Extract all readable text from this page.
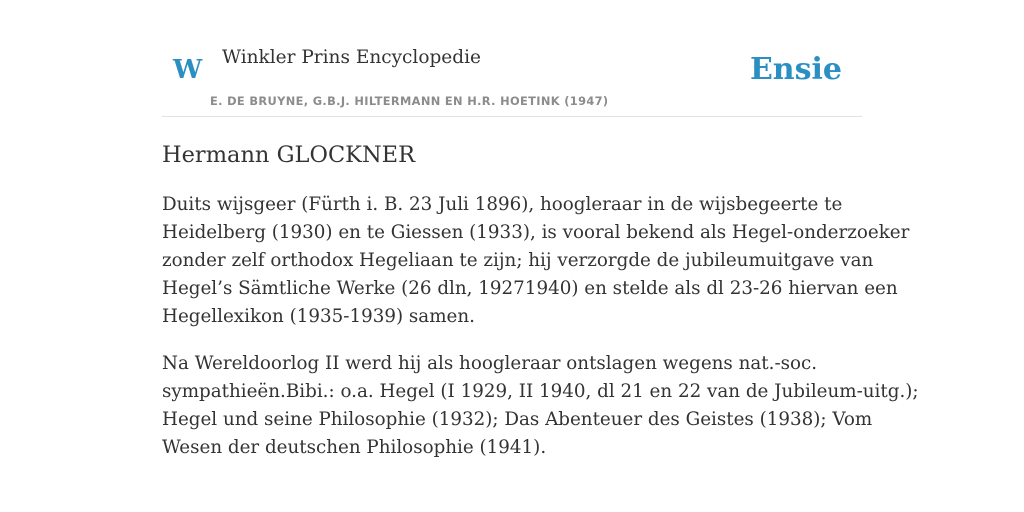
W Winkler Prins Encyclopedie
E. DE BRUYNE, G.B.J. HILTERMANN EN H.R. HOETINK (1947)
Ensie
Hermann GLOCKNER

Duits wijsgeer (Fürth i. B. 23 Juli 1896), hoogleraar in de wijsbegeerte te
Heidelberg (1930) en te Giessen (1933), is vooral bekend als Hegel-onderzoeker
zonder zelf orthodox Hegeliaan te zijn; hij verzorgde de jubileumuitgave van
Hegel’s Sämtliche Werke (26 dln, 19271940) en stelde als dl 23-26 hiervan een
Hegellexikon (1935-1939) samen.

Na Wereldoorlog II werd hij als hoogleraar ontslagen wegens nat.-soc.
sympathieën.Bibi.: o.a. Hegel (I 1929, II 1940, dl 21 en 22 van de Jubileum-uitg.);
Hegel und seine Philosophie (1932); Das Abenteuer des Geistes (1938); Vom
Wesen der deutschen Philosophie (1941).
